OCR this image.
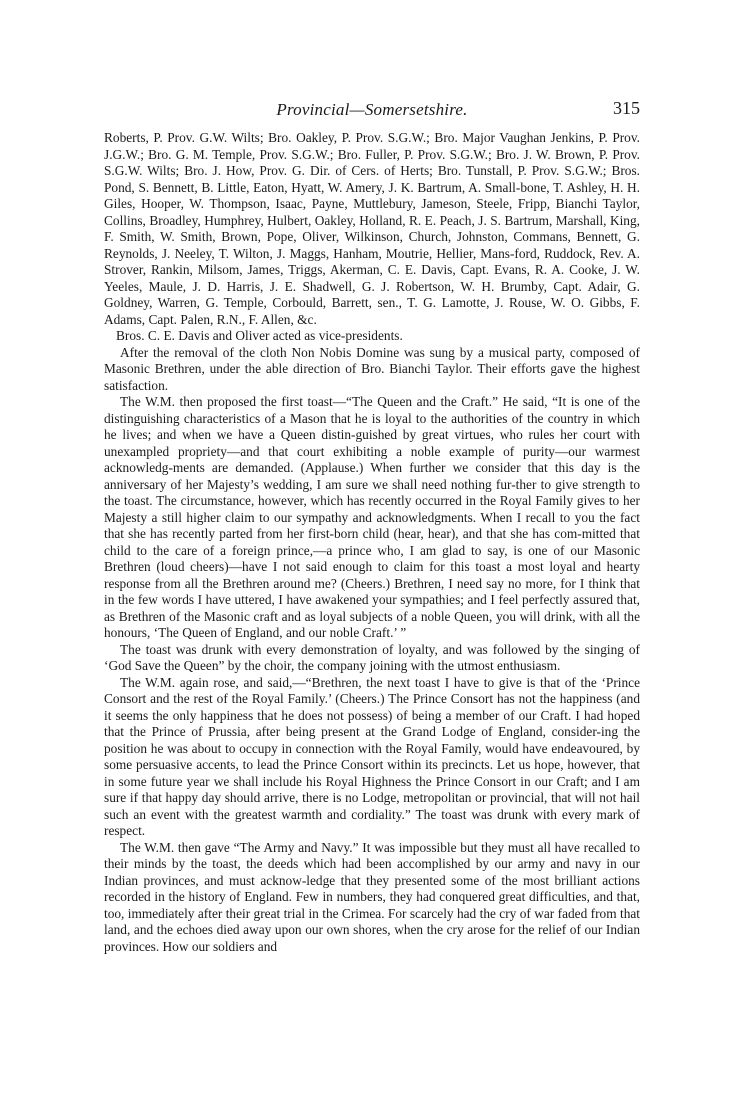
Provincial—Somersetshire.	315

Roberts, P. Prov. G.W. Wilts; Bro. Oakley, P. Prov. S.G.W.; Bro. Major Vaughan Jenkins, P. Prov. J.G.W.; Bro. G. M. Temple, Prov. S.G.W.; Bro. Fuller, P. Prov. S.G.W.; Bro. J. W. Brown, P. Prov. S.G.W. Wilts; Bro. J. How, Prov. G. Dir. of Cers. of Herts; Bro. Tunstall, P. Prov. S.G.W.; Bros. Pond, S. Bennett, B. Little, Eaton, Hyatt, W. Amery, J. K. Bartrum, A. Small-bone, T. Ashley, H. H. Giles, Hooper, W. Thompson, Isaac, Payne, Muttlebury, Jameson, Steele, Fripp, Bianchi Taylor, Collins, Broadley, Humphrey, Hulbert, Oakley, Holland, R. E. Peach, J. S. Bartrum, Marshall, King, F. Smith, W. Smith, Brown, Pope, Oliver, Wilkinson, Church, Johnston, Commans, Bennett, G. Reynolds, J. Neeley, T. Wilton, J. Maggs, Hanham, Moutrie, Hellier, Mans-ford, Ruddock, Rev. A. Strover, Rankin, Milsom, James, Triggs, Akerman, C. E. Davis, Capt. Evans, R. A. Cooke, J. W. Yeeles, Maule, J. D. Harris, J. E. Shadwell, G. J. Robertson, W. H. Brumby, Capt. Adair, G. Goldney, Warren, G. Temple, Corbould, Barrett, sen., T. G. Lamotte, J. Rouse, W. O. Gibbs, F. Adams, Capt. Palen, R.N., F. Allen, &c.

Bros. C. E. Davis and Oliver acted as vice-presidents.

After the removal of the cloth Non Nobis Domine was sung by a musical party, composed of Masonic Brethren, under the able direction of Bro. Bianchi Taylor. Their efforts gave the highest satisfaction.

The W.M. then proposed the first toast—“The Queen and the Craft.” He said, “It is one of the distinguishing characteristics of a Mason that he is loyal to the authorities of the country in which he lives; and when we have a Queen distin-guished by great virtues, who rules her court with unexampled propriety—and that court exhibiting a noble example of purity—our warmest acknowledg-ments are demanded. (Applause.) When further we consider that this day is the anniversary of her Majesty’s wedding, I am sure we shall need nothing fur-ther to give strength to the toast. The circumstance, however, which has recently occurred in the Royal Family gives to her Majesty a still higher claim to our sympathy and acknowledgments. When I recall to you the fact that she has recently parted from her first-born child (hear, hear), and that she has com-mitted that child to the care of a foreign prince,—a prince who, I am glad to say, is one of our Masonic Brethren (loud cheers)—have I not said enough to claim for this toast a most loyal and hearty response from all the Brethren around me? (Cheers.) Brethren, I need say no more, for I think that in the few words I have uttered, I have awakened your sympathies; and I feel perfectly assured that, as Brethren of the Masonic craft and as loyal subjects of a noble Queen, you will drink, with all the honours, ‘The Queen of England, and our noble Craft.’ ”

The toast was drunk with every demonstration of loyalty, and was followed by the singing of ‘God Save the Queen” by the choir, the company joining with the utmost enthusiasm.

The W.M. again rose, and said,—“Brethren, the next toast I have to give is that of the ‘Prince Consort and the rest of the Royal Family.’ (Cheers.) The Prince Consort has not the happiness (and it seems the only happiness that he does not possess) of being a member of our Craft. I had hoped that the Prince of Prussia, after being present at the Grand Lodge of England, consider-ing the position he was about to occupy in connection with the Royal Family, would have endeavoured, by some persuasive accents, to lead the Prince Consort within its precincts. Let us hope, however, that in some future year we shall include his Royal Highness the Prince Consort in our Craft; and I am sure if that happy day should arrive, there is no Lodge, metropolitan or provincial, that will not hail such an event with the greatest warmth and cordiality.” The toast was drunk with every mark of respect.

The W.M. then gave “The Army and Navy.” It was impossible but they must all have recalled to their minds by the toast, the deeds which had been accomplished by our army and navy in our Indian provinces, and must acknow-ledge that they presented some of the most brilliant actions recorded in the history of England. Few in numbers, they had conquered great difficulties, and that, too, immediately after their great trial in the Crimea. For scarcely had the cry of war faded from that land, and the echoes died away upon our own shores, when the cry arose for the relief of our Indian provinces. How our soldiers and
